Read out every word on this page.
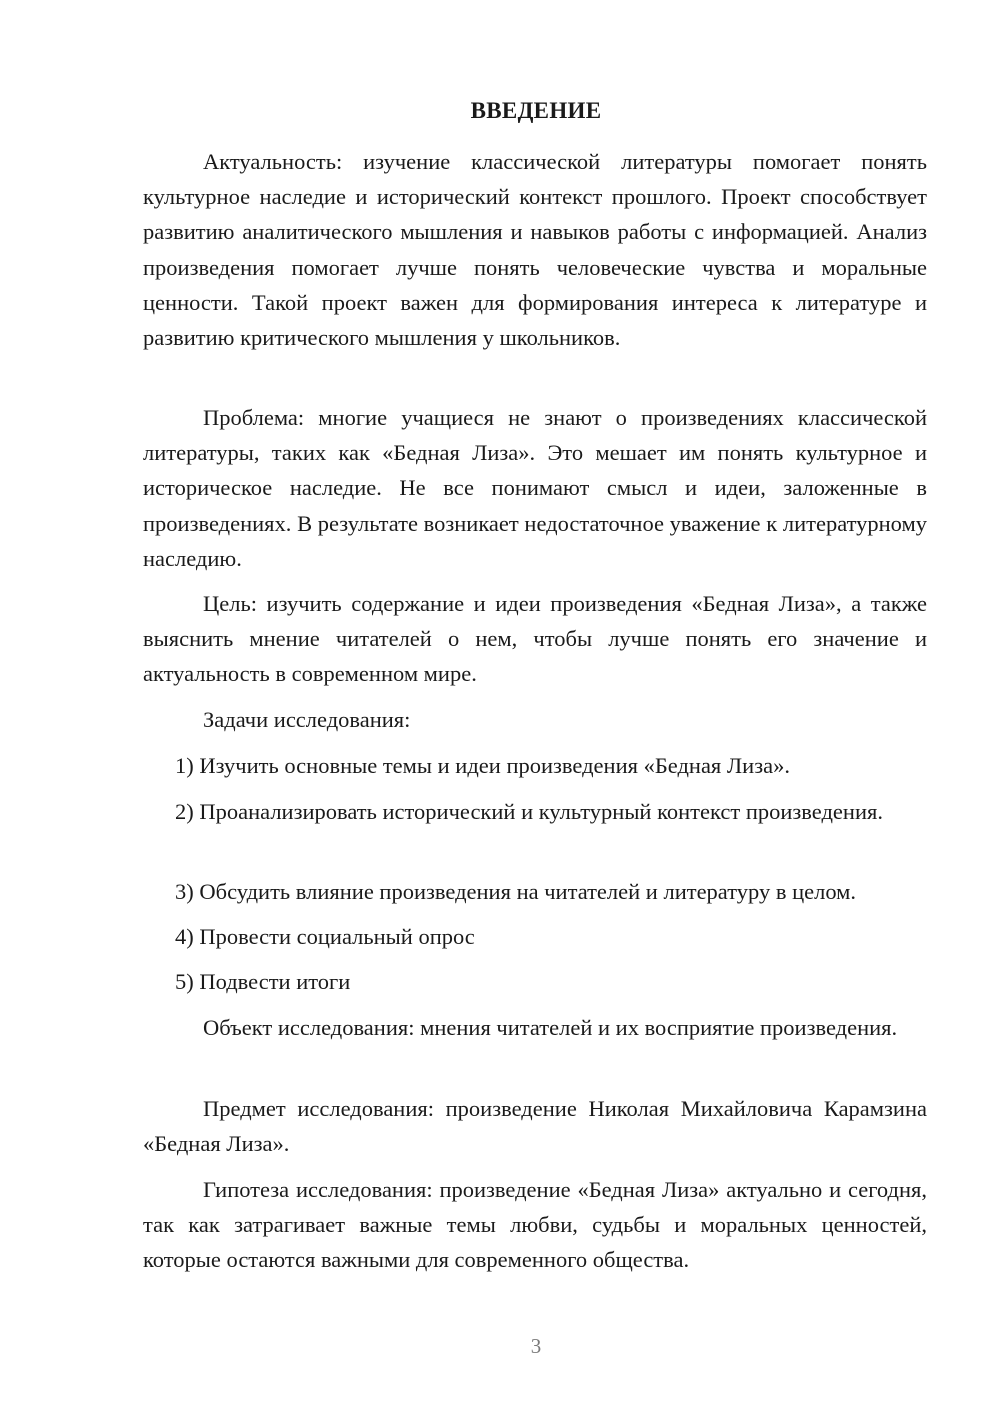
ВВЕДЕНИЕ

Актуальность: изучение классической литературы помогает понять культурное наследие и исторический контекст прошлого. Проект способствует развитию аналитического мышления и навыков работы с информацией. Анализ произведения помогает лучше понять человеческие чувства и моральные ценности. Такой проект важен для формирования интереса к литературе и развитию критического мышления у школьников.

Проблема: многие учащиеся не знают о произведениях классической литературы, таких как «Бедная Лиза». Это мешает им понять культурное и историческое наследие. Не все понимают смысл и идеи, заложенные в произведениях. В результате возникает недостаточное уважение к литературному наследию.

Цель: изучить содержание и идеи произведения «Бедная Лиза», а также выяснить мнение читателей о нем, чтобы лучше понять его значение и актуальность в современном мире.

Задачи исследования:

1) Изучить основные темы и идеи произведения «Бедная Лиза».

2) Проанализировать исторический и культурный контекст произведения.

3) Обсудить влияние произведения на читателей и литературу в целом.

4) Провести социальный опрос

5) Подвести итоги

Объект исследования: мнения читателей и их восприятие произведения.

Предмет исследования: произведение Николая Михайловича Карамзина «Бедная Лиза».

Гипотеза исследования: произведение «Бедная Лиза» актуально и сегодня, так как затрагивает важные темы любви, судьбы и моральных ценностей, которые остаются важными для современного общества.

3
